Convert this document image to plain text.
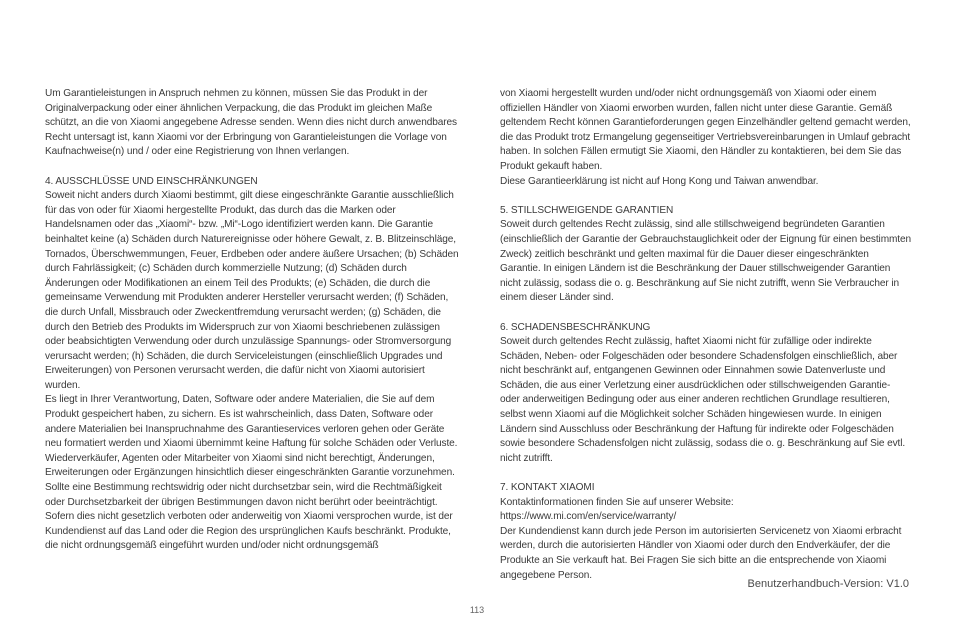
Um Garantieleistungen in Anspruch nehmen zu können, müssen Sie das Produkt in der Originalverpackung oder einer ähnlichen Verpackung, die das Produkt im gleichen Maße schützt, an die von Xiaomi angegebene Adresse senden. Wenn dies nicht durch anwendbares Recht untersagt ist, kann Xiaomi vor der Erbringung von Garantieleistungen die Vorlage von Kaufnachweise(n) und / oder eine Registrierung von Ihnen verlangen.

4. AUSSCHLÜSSE UND EINSCHRÄNKUNGEN

Soweit nicht anders durch Xiaomi bestimmt, gilt diese eingeschränkte Garantie ausschließlich für das von oder für Xiaomi hergestellte Produkt, das durch das die Marken oder Handelsnamen oder das „Xiaomi“- bzw. „Mi“-Logo identifiziert werden kann. Die Garantie beinhaltet keine (a) Schäden durch Naturereignisse oder höhere Gewalt, z. B. Blitzeinschläge, Tornados, Überschwemmungen, Feuer, Erdbeben oder andere äußere Ursachen; (b) Schäden durch Fahrlässigkeit; (c) Schäden durch kommerzielle Nutzung; (d) Schäden durch Änderungen oder Modifikationen an einem Teil des Produkts; (e) Schäden, die durch die gemeinsame Verwendung mit Produkten anderer Hersteller verursacht werden; (f) Schäden, die durch Unfall, Missbrauch oder Zweckentfremdung verursacht werden; (g) Schäden, die durch den Betrieb des Produkts im Widerspruch zur von Xiaomi beschriebenen zulässigen oder beabsichtigten Verwendung oder durch unzulässige Spannungs- oder Stromversorgung verursacht werden; (h) Schäden, die durch Serviceleistungen (einschließlich Upgrades und Erweiterungen) von Personen verursacht werden, die dafür nicht von Xiaomi autorisiert wurden.

Es liegt in Ihrer Verantwortung, Daten, Software oder andere Materialien, die Sie auf dem Produkt gespeichert haben, zu sichern. Es ist wahrscheinlich, dass Daten, Software oder andere Materialien bei Inanspruchnahme des Garantieservices verloren gehen oder Geräte neu formatiert werden und Xiaomi übernimmt keine Haftung für solche Schäden oder Verluste.

Wiederverkäufer, Agenten oder Mitarbeiter von Xiaomi sind nicht berechtigt, Änderungen, Erweiterungen oder Ergänzungen hinsichtlich dieser eingeschränkten Garantie vorzunehmen. Sollte eine Bestimmung rechtswidrig oder nicht durchsetzbar sein, wird die Rechtmäßigkeit oder Durchsetzbarkeit der übrigen Bestimmungen davon nicht berührt oder beeinträchtigt.

Sofern dies nicht gesetzlich verboten oder anderweitig von Xiaomi versprochen wurde, ist der Kundendienst auf das Land oder die Region des ursprünglichen Kaufs beschränkt. Produkte, die nicht ordnungsgemäß eingeführt wurden und/oder nicht ordnungsgemäß

von Xiaomi hergestellt wurden und/oder nicht ordnungsgemäß von Xiaomi oder einem offiziellen Händler von Xiaomi erworben wurden, fallen nicht unter diese Garantie. Gemäß geltendem Recht können Garantieforderungen gegen Einzelhändler geltend gemacht werden, die das Produkt trotz Ermangelung gegenseitiger Vertriebsvereinbarungen in Umlauf gebracht haben. In solchen Fällen ermutigt Sie Xiaomi, den Händler zu kontaktieren, bei dem Sie das Produkt gekauft haben.

Diese Garantieerklärung ist nicht auf Hong Kong und Taiwan anwendbar.

5. STILLSCHWEIGENDE GARANTIEN

Soweit durch geltendes Recht zulässig, sind alle stillschweigend begründeten Garantien (einschließlich der Garantie der Gebrauchstauglichkeit oder der Eignung für einen bestimmten Zweck) zeitlich beschränkt und gelten maximal für die Dauer dieser eingeschränkten Garantie. In einigen Ländern ist die Beschränkung der Dauer stillschweigender Garantien nicht zulässig, sodass die o. g. Beschränkung auf Sie nicht zutrifft, wenn Sie Verbraucher in einem dieser Länder sind.

6. SCHADENSBESCHRÄNKUNG

Soweit durch geltendes Recht zulässig, haftet Xiaomi nicht für zufällige oder indirekte Schäden, Neben- oder Folgeschäden oder besondere Schadensfolgen einschließlich, aber nicht beschränkt auf, entgangenen Gewinnen oder Einnahmen sowie Datenverluste und Schäden, die aus einer Verletzung einer ausdrücklichen oder stillschweigenden Garantie- oder anderweitigen Bedingung oder aus einer anderen rechtlichen Grundlage resultieren, selbst wenn Xiaomi auf die Möglichkeit solcher Schäden hingewiesen wurde. In einigen Ländern sind Ausschluss oder Beschränkung der Haftung für indirekte oder Folgeschäden sowie besondere Schadensfolgen nicht zulässig, sodass die o. g. Beschränkung auf Sie evtl. nicht zutrifft.

7. KONTAKT XIAOMI

Kontaktinformationen finden Sie auf unserer Website:

https://www.mi.com/en/service/warranty/

Der Kundendienst kann durch jede Person im autorisierten Servicenetz von Xiaomi erbracht werden, durch die autorisierten Händler von Xiaomi oder durch den Endverkäufer, der die Produkte an Sie verkauft hat. Bei Fragen Sie sich bitte an die entsprechende von Xiaomi angegebene Person.

Benutzerhandbuch-Version: V1.0
113
